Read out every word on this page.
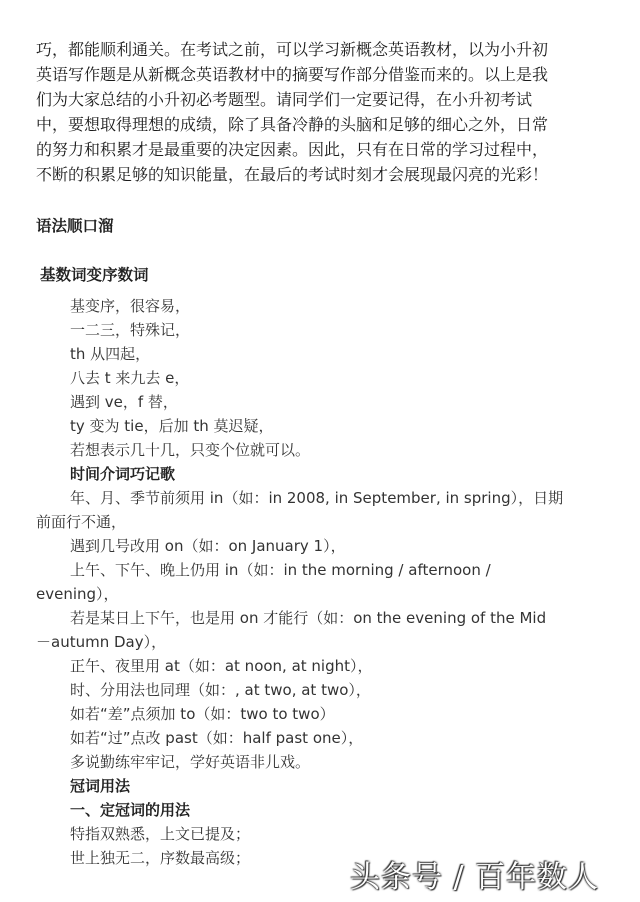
巧，都能顺利通关。在考试之前，可以学习新概念英语教材，以为小升初
英语写作题是从新概念英语教材中的摘要写作部分借鉴而来的。以上是我
们为大家总结的小升初必考题型。请同学们一定要记得，在小升初考试
中，要想取得理想的成绩，除了具备冷静的头脑和足够的细心之外，日常
的努力和积累才是最重要的决定因素。因此，只有在日常的学习过程中，
不断的积累足够的知识能量，在最后的考试时刻才会展现最闪亮的光彩！
语法顺口溜
基数词变序数词
基变序，很容易，
一二三，特殊记，
th 从四起，
八去 t 来九去 e，
遇到 ve，f 替，
ty 变为 tie，后加 th 莫迟疑，
若想表示几十几，只变个位就可以。
时间介词巧记歌
年、月、季节前须用 in（如：in 2008, in September, in spring），日期
前面行不通，
遇到几号改用 on（如：on January 1），
上午、下午、晚上仍用 in（如：in the morning / afternoon /
evening），
若是某日上下午，也是用 on 才能行（如：on the evening of the Mid
－autumn Day），
正午、夜里用 at（如：at noon, at night），
时、分用法也同理（如：, at two, at two），
如若“差”点须加 to（如：two to two）
如若“过”点改 past（如：half past one），
多说勤练牢牢记，学好英语非儿戏。
冠词用法
一、定冠词的用法
特指双熟悉，上文已提及；
世上独无二，序数最高级；
头条号 / 百年数人
